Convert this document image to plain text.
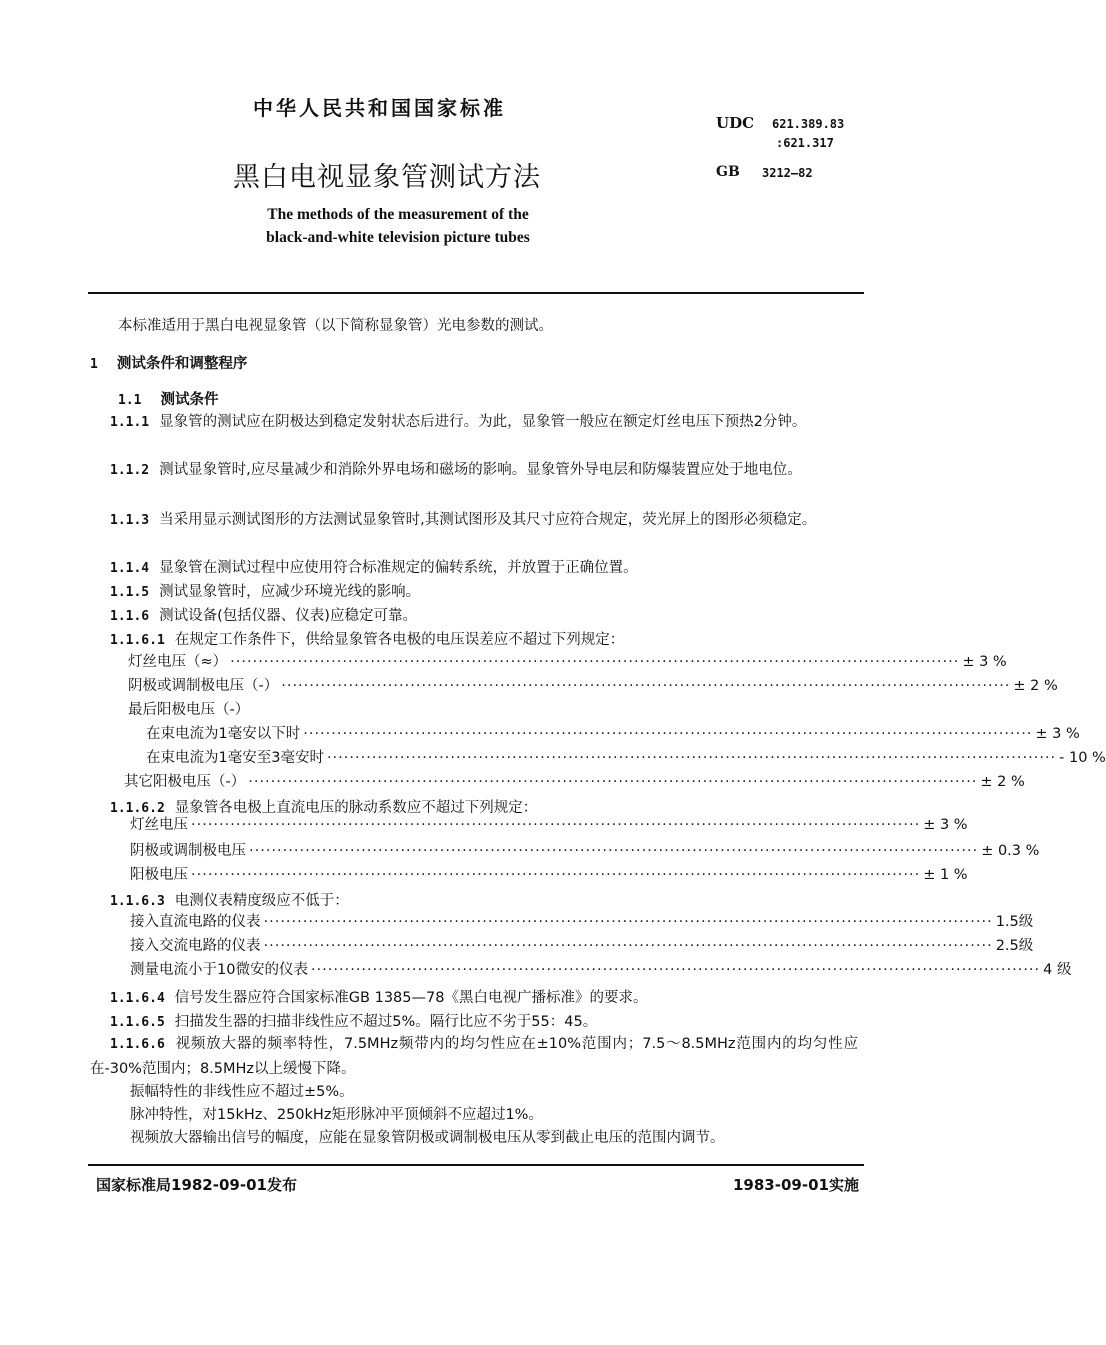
中华人民共和国国家标准
UDC 621.389.83
:621.317
GB 3212—82
黑白电视显象管测试方法
The methods of the measurement of the
black-and-white television picture tubes
本标准适用于黑白电视显象管（以下简称显象管）光电参数的测试。
1 测试条件和调整程序
1.1 测试条件
1.1.1 显象管的测试应在阴极达到稳定发射状态后进行。为此，显象管一般应在额定灯丝电压下预热2分钟。
1.1.2 测试显象管时,应尽量减少和消除外界电场和磁场的影响。显象管外导电层和防爆装置应处于地电位。
1.1.3 当采用显示测试图形的方法测试显象管时,其测试图形及其尺寸应符合规定，荧光屏上的图形必须稳定。
1.1.4 显象管在测试过程中应使用符合标准规定的偏转系统，并放置于正确位置。
1.1.5 测试显象管时，应减少环境光线的影响。
1.1.6 测试设备(包括仪器、仪表)应稳定可靠。
1.1.6.1 在规定工作条件下，供给显象管各电极的电压误差应不超过下列规定：
灯丝电压（≈） ·································································································································· ± 3 %
阴极或调制极电压（-） ·································································································································· ± 2 %
最后阳极电压（-）
在束电流为1毫安以下时 ·································································································································· ± 3 %
在束电流为1毫安至3毫安时 ·································································································································· - 10 %
其它阳极电压（-） ·································································································································· ± 2 %
1.1.6.2 显象管各电极上直流电压的脉动系数应不超过下列规定：
灯丝电压 ·································································································································· ± 3 %
阴极或调制极电压 ·································································································································· ± 0.3 %
阳极电压 ·································································································································· ± 1 %
1.1.6.3 电测仪表精度级应不低于：
接入直流电路的仪表 ·································································································································· 1.5级
接入交流电路的仪表 ·································································································································· 2.5级
测量电流小于10微安的仪表 ·································································································································· 4 级
1.1.6.4 信号发生器应符合国家标准GB 1385—78《黑白电视广播标准》的要求。
1.1.6.5 扫描发生器的扫描非线性应不超过5%。隔行比应不劣于55：45。
1.1.6.6 视频放大器的频率特性，7.5MHz频带内的均匀性应在±10%范围内；7.5～8.5MHz范围内的均匀性应在-30%范围内；8.5MHz以上缓慢下降。
振幅特性的非线性应不超过±5%。
脉冲特性，对15kHz、250kHz矩形脉冲平顶倾斜不应超过1%。
视频放大器输出信号的幅度，应能在显象管阴极或调制极电压从零到截止电压的范围内调节。
国家标准局1982-09-01发布	1983-09-01实施
